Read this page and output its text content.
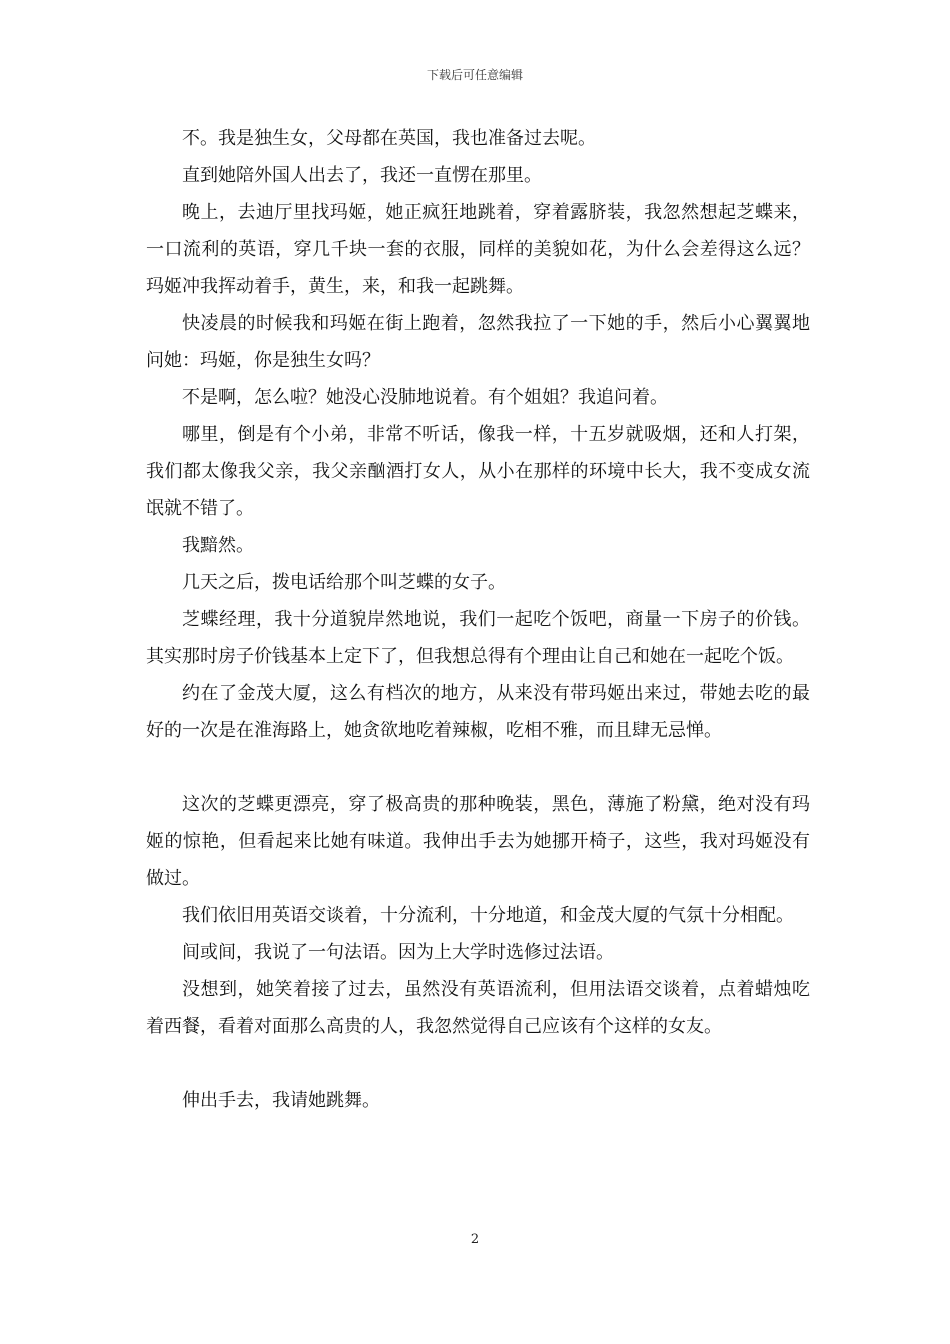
下载后可任意编辑

不。我是独生女，父母都在英国，我也准备过去呢。

直到她陪外国人出去了，我还一直愣在那里。

晚上，去迪厅里找玛姬，她正疯狂地跳着，穿着露脐装，我忽然想起芝蝶来，一口流利的英语，穿几千块一套的衣服，同样的美貌如花，为什么会差得这么远？玛姬冲我挥动着手，黄生，来，和我一起跳舞。

快凌晨的时候我和玛姬在街上跑着，忽然我拉了一下她的手，然后小心翼翼地问她：玛姬，你是独生女吗？

不是啊，怎么啦？她没心没肺地说着。有个姐姐？我追问着。

哪里，倒是有个小弟，非常不听话，像我一样，十五岁就吸烟，还和人打架，我们都太像我父亲，我父亲酗酒打女人，从小在那样的环境中长大，我不变成女流氓就不错了。

我黯然。

几天之后，拨电话给那个叫芝蝶的女子。

芝蝶经理，我十分道貌岸然地说，我们一起吃个饭吧，商量一下房子的价钱。其实那时房子价钱基本上定下了，但我想总得有个理由让自己和她在一起吃个饭。

约在了金茂大厦，这么有档次的地方，从来没有带玛姬出来过，带她去吃的最好的一次是在淮海路上，她贪欲地吃着辣椒，吃相不雅，而且肆无忌惮。

这次的芝蝶更漂亮，穿了极高贵的那种晚装，黑色，薄施了粉黛，绝对没有玛姬的惊艳，但看起来比她有味道。我伸出手去为她挪开椅子，这些，我对玛姬没有做过。

我们依旧用英语交谈着，十分流利，十分地道，和金茂大厦的气氛十分相配。

间或间，我说了一句法语。因为上大学时选修过法语。

没想到，她笑着接了过去，虽然没有英语流利，但用法语交谈着，点着蜡烛吃着西餐，看着对面那么高贵的人，我忽然觉得自己应该有个这样的女友。

伸出手去，我请她跳舞。

2
